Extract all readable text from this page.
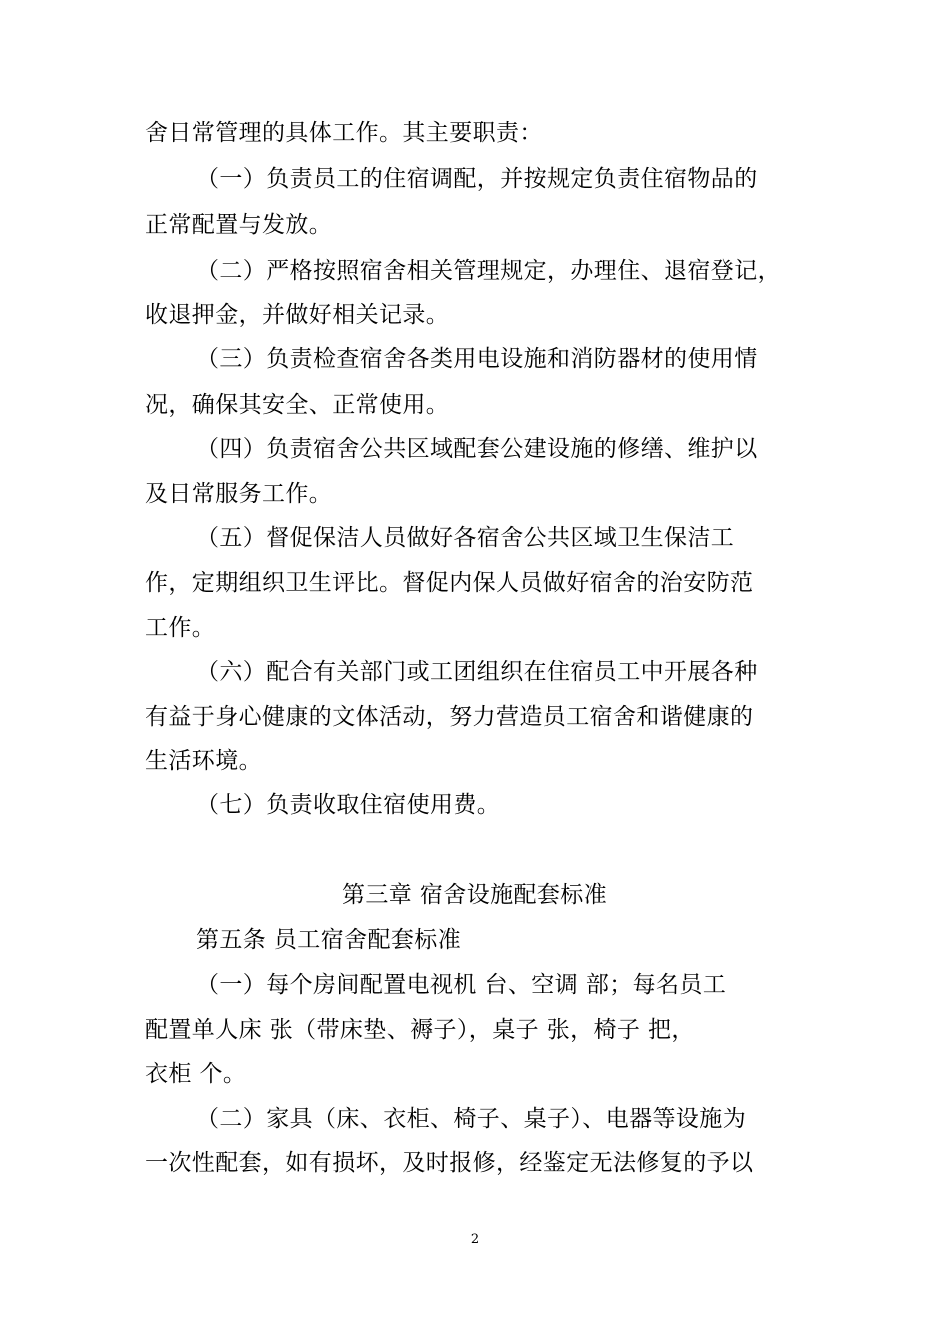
舍日常管理的具体工作。其主要职责：
（一）负责员工的住宿调配，并按规定负责住宿物品的
正常配置与发放。
（二）严格按照宿舍相关管理规定，办理住、退宿登记，
收退押金，并做好相关记录。
（三）负责检查宿舍各类用电设施和消防器材的使用情
况，确保其安全、正常使用。
（四）负责宿舍公共区域配套公建设施的修缮、维护以
及日常服务工作。
（五）督促保洁人员做好各宿舍公共区域卫生保洁工
作，定期组织卫生评比。督促内保人员做好宿舍的治安防范
工作。
（六）配合有关部门或工团组织在住宿员工中开展各种
有益于身心健康的文体活动，努力营造员工宿舍和谐健康的
生活环境。
（七）负责收取住宿使用费。
第三章 宿舍设施配套标准
第五条 员工宿舍配套标准
（一）每个房间配置电视机 台、空调 部；每名员工
配置单人床 张（带床垫、褥子），桌子 张，椅子 把，
衣柜 个。
（二）家具（床、衣柜、椅子、桌子）、电器等设施为
一次性配套，如有损坏，及时报修，经鉴定无法修复的予以
2
